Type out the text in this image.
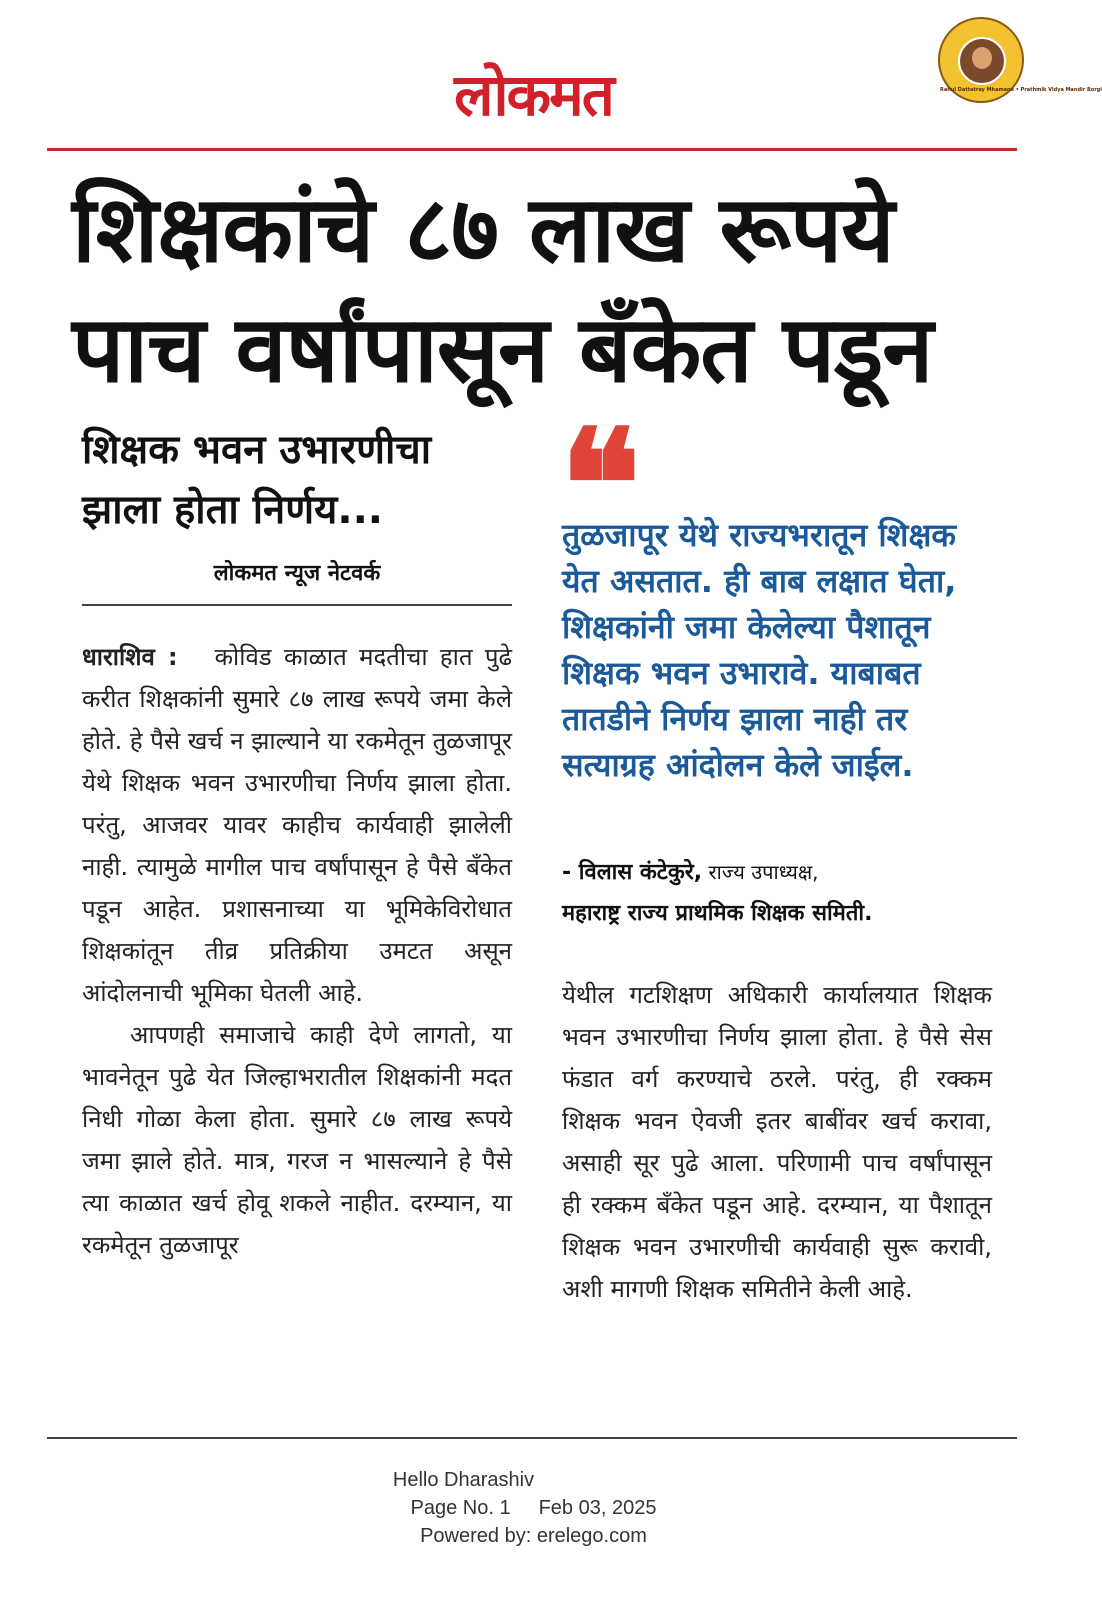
लोकमत	Rahul Dattatray Mhamane • Prathmik Vidya Mandir Borgi
शिक्षकांचे ८७ लाख रूपये
पाच वर्षांपासून बँकेत पडून
शिक्षक भवन उभारणीचा
झाला होता निर्णय...
लोकमत न्यूज नेटवर्क

धाराशिव : कोविड काळात मदतीचा हात पुढे करीत शिक्षकांनी सुमारे ८७ लाख रूपये जमा केले होते. हे पैसे खर्च न झाल्याने या रकमेतून तुळजापूर येथे शिक्षक भवन उभारणीचा निर्णय झाला होता. परंतु, आजवर यावर काहीच कार्यवाही झालेली नाही. त्यामुळे मागील पाच वर्षांपासून हे पैसे बँकेत पडून आहेत. प्रशासनाच्या या भूमिकेविरोधात शिक्षकांतून तीव्र प्रतिक्रीया उमटत असून आंदोलनाची भूमिका घेतली आहे.

आपणही समाजाचे काही देणे लागतो, या भावनेतून पुढे येत जिल्हाभरातील शिक्षकांनी मदत निधी गोळा केला होता. सुमारे ८७ लाख रूपये जमा झाले होते. मात्र, गरज न भासल्याने हे पैसे त्या काळात खर्च होवू शकले नाहीत. दरम्यान, या रकमेतून तुळजापूर

❝
तुळजापूर येथे राज्यभरातून शिक्षक येत असतात. ही बाब लक्षात घेता, शिक्षकांनी जमा केलेल्या पैशातून शिक्षक भवन उभारावे. याबाबत तातडीने निर्णय झाला नाही तर सत्याग्रह आंदोलन केले जाईल.
- विलास कंटेकुरे, राज्य उपाध्यक्ष,
महाराष्ट्र राज्य प्राथमिक शिक्षक समिती.

येथील गटशिक्षण अधिकारी कार्यालयात शिक्षक भवन उभारणीचा निर्णय झाला होता. हे पैसे सेस फंडात वर्ग करण्याचे ठरले. परंतु, ही रक्कम शिक्षक भवन ऐवजी इतर बाबींवर खर्च करावा, असाही सूर पुढे आला. परिणामी पाच वर्षांपासून ही रक्कम बँकेत पडून आहे. दरम्यान, या पैशातून शिक्षक भवन उभारणीची कार्यवाही सुरू करावी, अशी मागणी शिक्षक समितीने केली आहे.

Hello Dharashiv
Page No. 1 Feb 03, 2025
Powered by: erelego.com
